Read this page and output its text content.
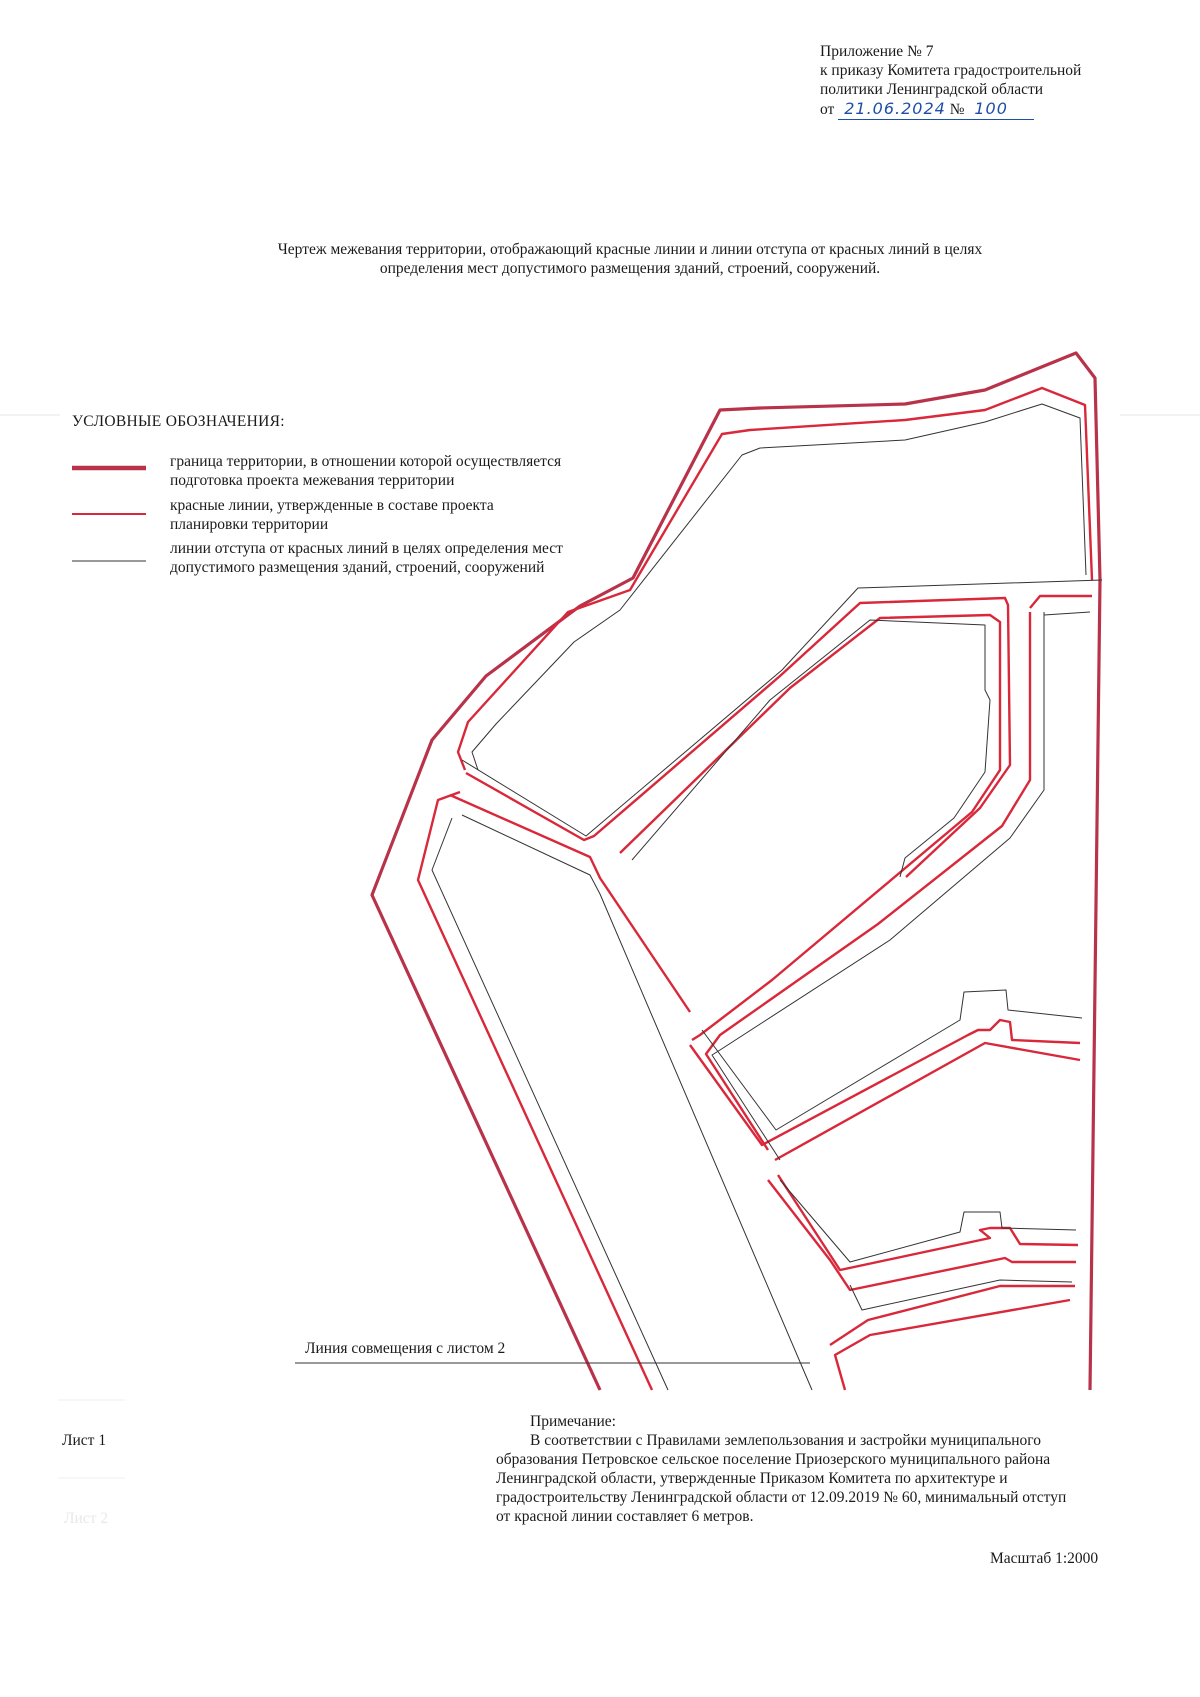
Приложение № 7
к приказу Комитета градостроительной
политики Ленинградской области
от 21.06.2024 № 100
Чертеж межевания территории, отображающий красные линии и линии отступа от красных линий в целях
определения мест допустимого размещения зданий, строений, сооружений.
УСЛОВНЫЕ ОБОЗНАЧЕНИЯ:
граница территории, в отношении которой осуществляется
подготовка проекта межевания территории
красные линии, утвержденные в составе проекта
планировки территории
линии отступа от красных линий в целях определения мест
допустимого размещения зданий, строений, сооружений
Линия совмещения с листом 2
Лист 1
Лист 2
Примечание:
В соответствии с Правилами землепользования и застройки муниципального
образования Петровское сельское поселение Приозерского муниципального района
Ленинградской области, утвержденные Приказом Комитета по архитектуре и
градостроительству Ленинградской области от 12.09.2019 № 60, минимальный отступ
от красной линии составляет 6 метров.
Масштаб 1:2000
